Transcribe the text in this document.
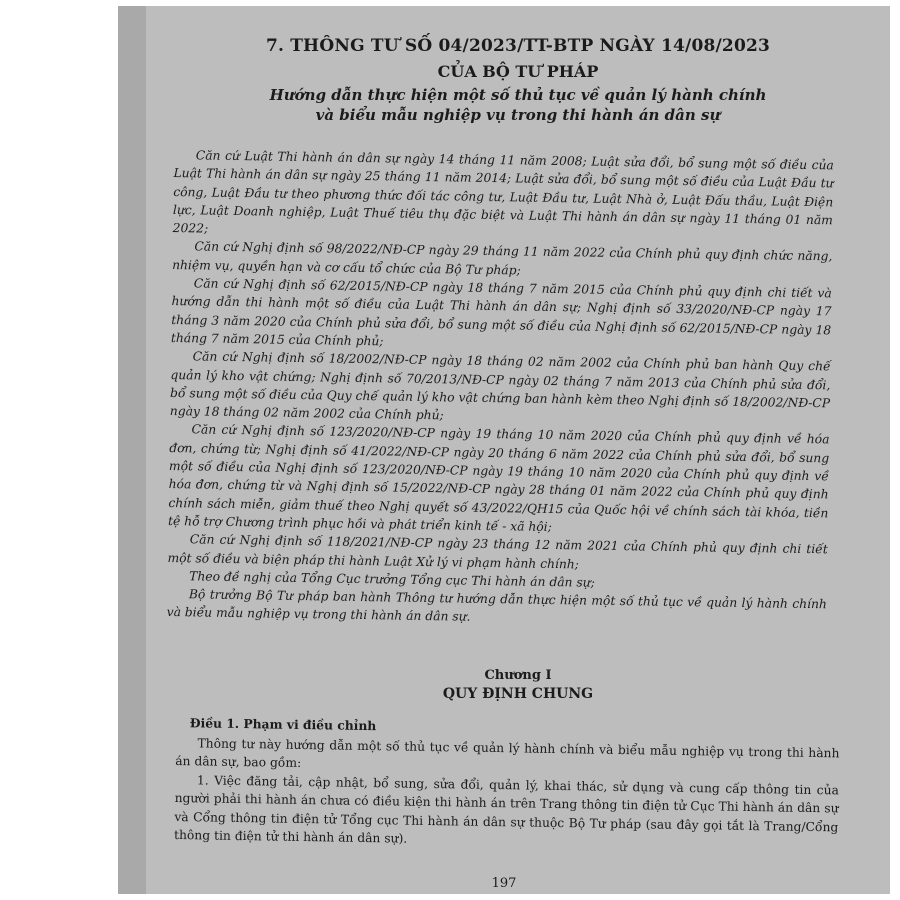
7. THÔNG TƯ SỐ 04/2023/TT-BTP NGÀY 14/08/2023
CỦA BỘ TƯ PHÁP
Hướng dẫn thực hiện một số thủ tục về quản lý hành chính
và biểu mẫu nghiệp vụ trong thi hành án dân sự

Căn cứ Luật Thi hành án dân sự ngày 14 tháng 11 năm 2008; Luật sửa đổi, bổ sung một số điều của Luật Thi hành án dân sự ngày 25 tháng 11 năm 2014; Luật sửa đổi, bổ sung một số điều của Luật Đầu tư công, Luật Đầu tư theo phương thức đối tác công tư, Luật Đầu tư, Luật Nhà ở, Luật Đấu thầu, Luật Điện lực, Luật Doanh nghiệp, Luật Thuế tiêu thụ đặc biệt và Luật Thi hành án dân sự ngày 11 tháng 01 năm 2022;

Căn cứ Nghị định số 98/2022/NĐ-CP ngày 29 tháng 11 năm 2022 của Chính phủ quy định chức năng, nhiệm vụ, quyền hạn và cơ cấu tổ chức của Bộ Tư pháp;

Căn cứ Nghị định số 62/2015/NĐ-CP ngày 18 tháng 7 năm 2015 của Chính phủ quy định chi tiết và hướng dẫn thi hành một số điều của Luật Thi hành án dân sự; Nghị định số 33/2020/NĐ-CP ngày 17 tháng 3 năm 2020 của Chính phủ sửa đổi, bổ sung một số điều của Nghị định số 62/2015/NĐ-CP ngày 18 tháng 7 năm 2015 của Chính phủ;

Căn cứ Nghị định số 18/2002/NĐ-CP ngày 18 tháng 02 năm 2002 của Chính phủ ban hành Quy chế quản lý kho vật chứng; Nghị định số 70/2013/NĐ-CP ngày 02 tháng 7 năm 2013 của Chính phủ sửa đổi, bổ sung một số điều của Quy chế quản lý kho vật chứng ban hành kèm theo Nghị định số 18/2002/NĐ-CP ngày 18 tháng 02 năm 2002 của Chính phủ;

Căn cứ Nghị định số 123/2020/NĐ-CP ngày 19 tháng 10 năm 2020 của Chính phủ quy định về hóa đơn, chứng từ; Nghị định số 41/2022/NĐ-CP ngày 20 tháng 6 năm 2022 của Chính phủ sửa đổi, bổ sung một số điều của Nghị định số 123/2020/NĐ-CP ngày 19 tháng 10 năm 2020 của Chính phủ quy định về hóa đơn, chứng từ và Nghị định số 15/2022/NĐ-CP ngày 28 tháng 01 năm 2022 của Chính phủ quy định chính sách miễn, giảm thuế theo Nghị quyết số 43/2022/QH15 của Quốc hội về chính sách tài khóa, tiền tệ hỗ trợ Chương trình phục hồi và phát triển kinh tế - xã hội;

Căn cứ Nghị định số 118/2021/NĐ-CP ngày 23 tháng 12 năm 2021 của Chính phủ quy định chi tiết một số điều và biện pháp thi hành Luật Xử lý vi phạm hành chính;

Theo đề nghị của Tổng Cục trưởng Tổng cục Thi hành án dân sự;

Bộ trưởng Bộ Tư pháp ban hành Thông tư hướng dẫn thực hiện một số thủ tục về quản lý hành chính và biểu mẫu nghiệp vụ trong thi hành án dân sự.

Chương I
QUY ĐỊNH CHUNG
Điều 1. Phạm vi điều chỉnh

Thông tư này hướng dẫn một số thủ tục về quản lý hành chính và biểu mẫu nghiệp vụ trong thi hành án dân sự, bao gồm:

1. Việc đăng tải, cập nhật, bổ sung, sửa đổi, quản lý, khai thác, sử dụng và cung cấp thông tin của người phải thi hành án chưa có điều kiện thi hành án trên Trang thông tin điện tử Cục Thi hành án dân sự và Cổng thông tin điện tử Tổng cục Thi hành án dân sự thuộc Bộ Tư pháp (sau đây gọi tắt là Trang/Cổng thông tin điện tử thi hành án dân sự).

197
